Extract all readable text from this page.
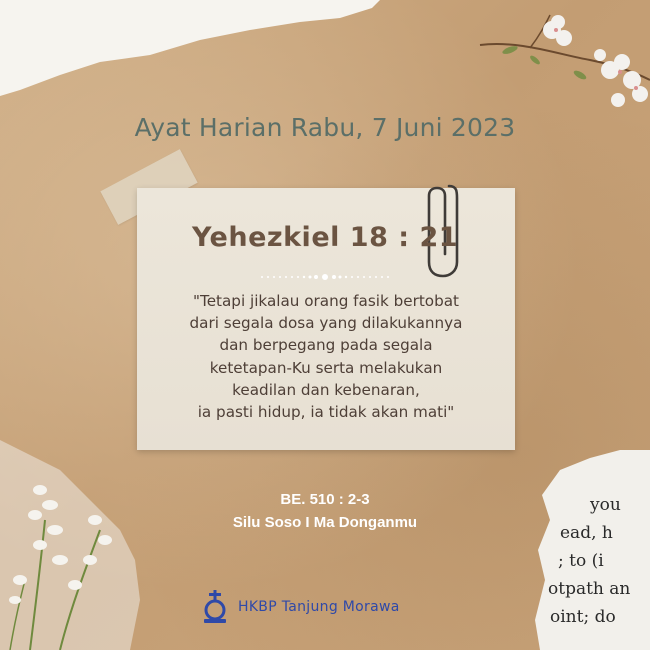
you
ead, h
; to (i
otpath an
oint; do
Ayat Harian Rabu, 7 Juni 2023
Yehezkiel 18 : 21
"Tetapi jikalau orang fasik bertobat
dari segala dosa yang dilakukannya
dan berpegang pada segala
ketetapan-Ku serta melakukan
keadilan dan kebenaran,
ia pasti hidup, ia tidak akan mati"
BE. 510 : 2-3
Silu Soso I Ma Donganmu
HKBP Tanjung Morawa
